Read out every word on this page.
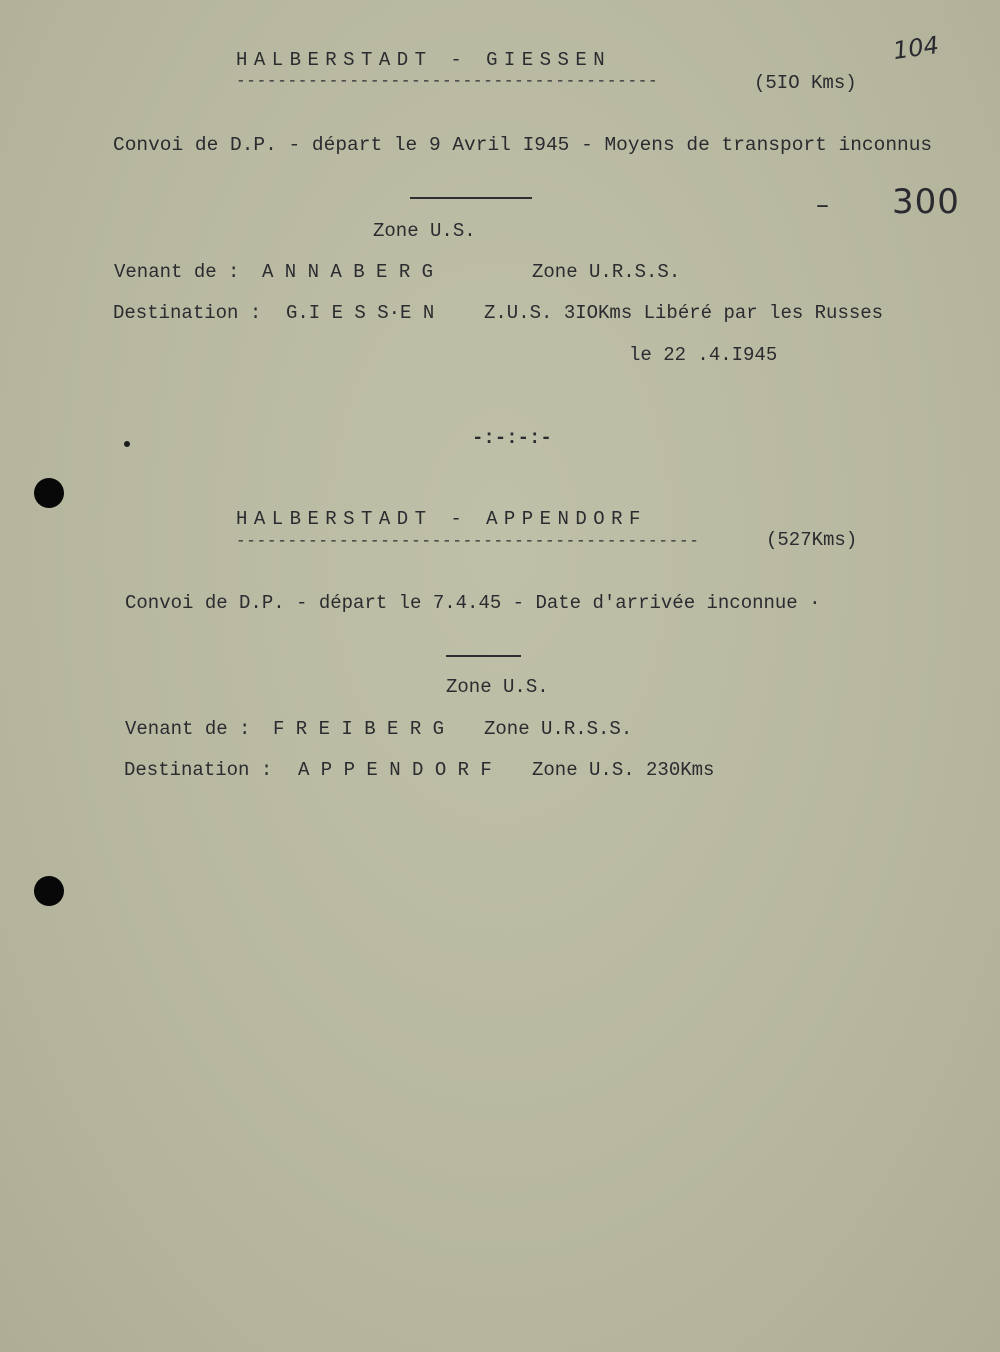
104
– 300
HALBERSTADT - GIESSEN
-----------------------------------------	(5IO Kms)
Convoi de D.P. - départ le 9 Avril I945 - Moyens de transport inconnus
Zone U.S.
Venant de : A N N A B E R G	Zone U.R.S.S.
Destination : G.I E S S·E N	Z.U.S. 3IOKms Libéré par les Russes
le 22 .4.I945
-:-:-:-
HALBERSTADT - APPENDORF
---------------------------------------------	(527Kms)
Convoi de D.P. - départ le 7.4.45 - Date d'arrivée inconnue ·
Zone U.S.
Venant de : F R E I B E R G Zone U.R.S.S.
Destination : A P P E N D O R F Zone U.S. 230Kms
